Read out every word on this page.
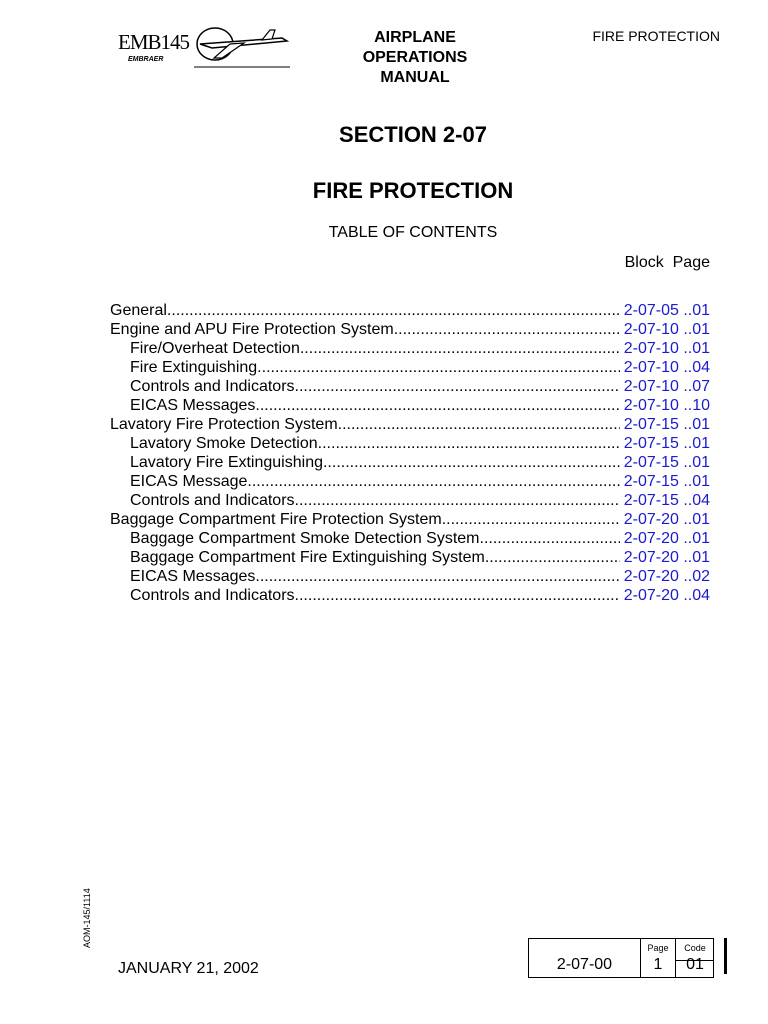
EMB145
EMBRAER
AIRPLANE
OPERATIONS
MANUAL
FIRE PROTECTION
SECTION 2-07
FIRE PROTECTION
TABLE OF CONTENTS
Block  Page
General .....	2-07-05 ..01
Engine and APU Fire Protection System .....	2-07-10 ..01
Fire/Overheat Detection .....	2-07-10 ..01
Fire Extinguishing .....	2-07-10 ..04
Controls and Indicators .....	2-07-10 ..07
EICAS Messages .....	2-07-10 ..10
Lavatory Fire Protection System .....	2-07-15 ..01
Lavatory Smoke Detection .....	2-07-15 ..01
Lavatory Fire Extinguishing .....	2-07-15 ..01
EICAS Message .....	2-07-15 ..01
Controls and Indicators .....	2-07-15 ..04
Baggage Compartment Fire Protection System .....	2-07-20 ..01
Baggage Compartment Smoke Detection System .....	2-07-20 ..01
Baggage Compartment Fire Extinguishing System .....	2-07-20 ..01
EICAS Messages .....	2-07-20 ..02
Controls and Indicators .....	2-07-20 ..04
AOM-145/1114
JANUARY 21, 2002	2-07-00
Page
1
Code
01
